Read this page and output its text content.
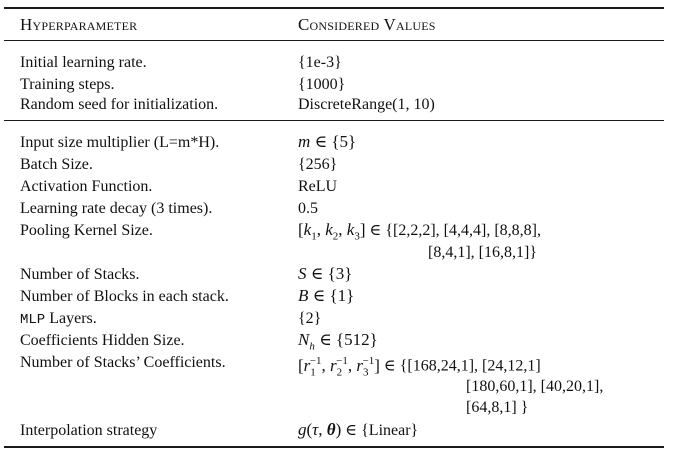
Hyperparameter	Considered Values
Initial learning rate.	{1e-3}
Training steps.	{1000}
Random seed for initialization.	DiscreteRange(1, 10)
Input size multiplier (L=m*H).	m ∈ {5}
Batch Size.	{256}
Activation Function.	ReLU
Learning rate decay (3 times).	0.5
Pooling Kernel Size.	[$k_1$, $k_2$, $k_3$] ∈ {[2,2,2], [4,4,4], [8,8,8],
[8,4,1], [16,8,1]}
Number of Stacks.	S ∈ {3}
Number of Blocks in each stack.	B ∈ {1}
MLP Layers.	{2}
Coefficients Hidden Size.	$N_h$ ∈ {512}
Number of Stacks’ Coefficients.	[$r_1^{-1}$, $r_2^{-1}$, $r_3^{-1}$] ∈ {[168,24,1], [24,12,1]
[180,60,1], [40,20,1],
[64,8,1] }
Interpolation strategy	g(τ, θ) ∈ {Linear}
